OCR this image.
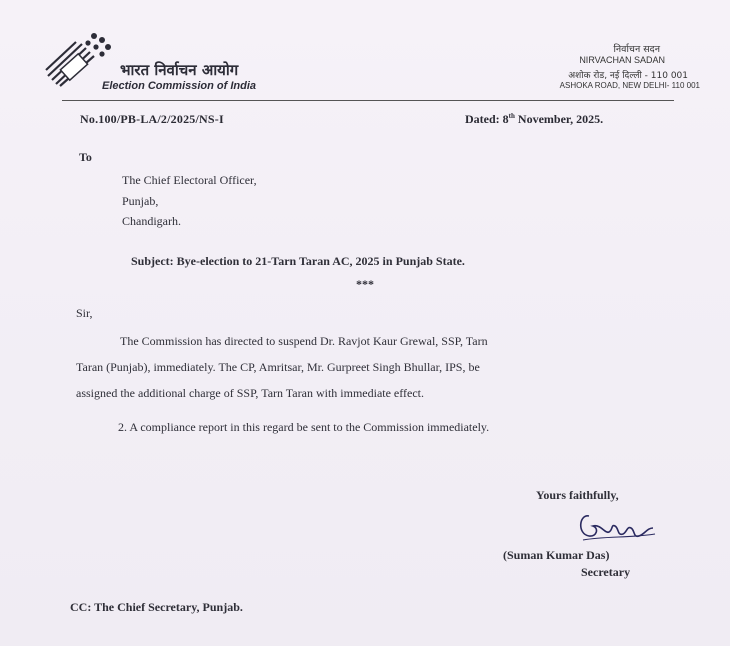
भारत निर्वाचन आयोग
Election Commission of India
निर्वाचन सदन
NIRVACHAN SADAN
अशोक रोड, नई दिल्ली - 110 001
ASHOKA ROAD, NEW DELHI- 110 001
No.100/PB-LA/2/2025/NS-I	Dated: 8th November, 2025.
To
The Chief Electoral Officer,
Punjab,
Chandigarh.
Subject: Bye-election to 21-Tarn Taran AC, 2025 in Punjab State.
***
Sir,
The Commission has directed to suspend Dr. Ravjot Kaur Grewal, SSP, Tarn
Taran (Punjab), immediately. The CP, Amritsar, Mr. Gurpreet Singh Bhullar, IPS, be
assigned the additional charge of SSP, Tarn Taran with immediate effect.
2. A compliance report in this regard be sent to the Commission immediately.
Yours faithfully,
(Suman Kumar Das)
Secretary
CC: The Chief Secretary, Punjab.
